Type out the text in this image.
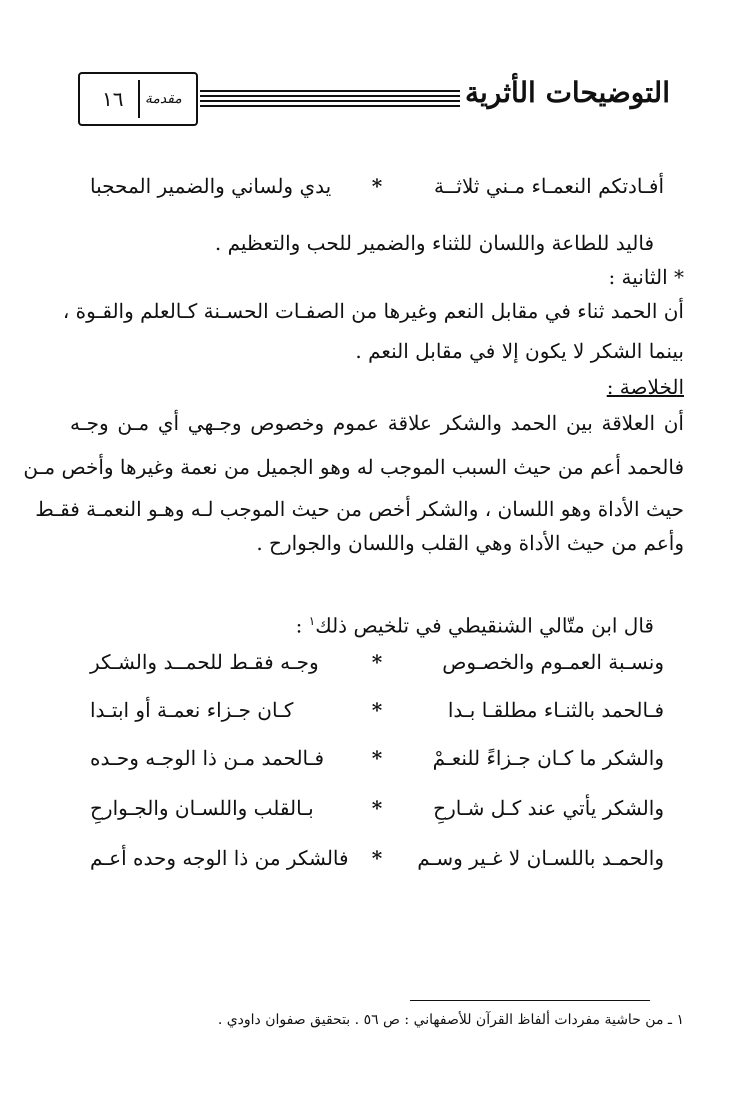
التوضيحات الأثرية
١٦	مقدمة
أفـادتكم النعمـاء مـني ثلاثــة
*
يدي ولساني والضمير المحجبا
فاليد للطاعة واللسان للثناء والضمير للحب والتعظيم .
* الثانية :
أن الحمد ثناء في مقابل النعم وغيرها من الصفـات الحسـنة كـالعلم والقـوة ،
بينما الشكر لا يكون إلا في مقابل النعم .
الخلاصة :
أن العلاقة بين الحمد والشكر علاقة عموم وخصوص وجـهي أي مـن وجـه
فالحمد أعم من حيث السبب الموجب له وهو الجميل من نعمة وغيرها وأخص مـن
حيث الأداة وهو اللسان ، والشكر أخص من حيث الموجب لـه وهـو النعمـة فقـط
وأعم من حيث الأداة وهي القلب واللسان والجوارح .
قال ابن متّالي الشنقيطي في تلخيص ذلك$^١$ :
ونسـبة العمـوم والخصـوص
*
وجـه فقـط للحمــد والشـكر
فـالحمد بالثنـاء مطلقـا بـدا
*
كـان جـزاء نعمـة أو ابتـدا
والشكر ما كـان جـزاءً للنعـمْ
*
فـالحمد مـن ذا الوجـه وحـده
والشكر يأتي عند كـل شـارحِ
*
بـالقلب واللسـان والجـوارحِ
والحمـد باللسـان لا غـير وسـم
*
فالشكر من ذا الوجه وحده أعـم
١ ـ من حاشية مفردات ألفاظ القرآن للأصفهاني : ص ٥٦ . بتحقيق صفوان داودي .
